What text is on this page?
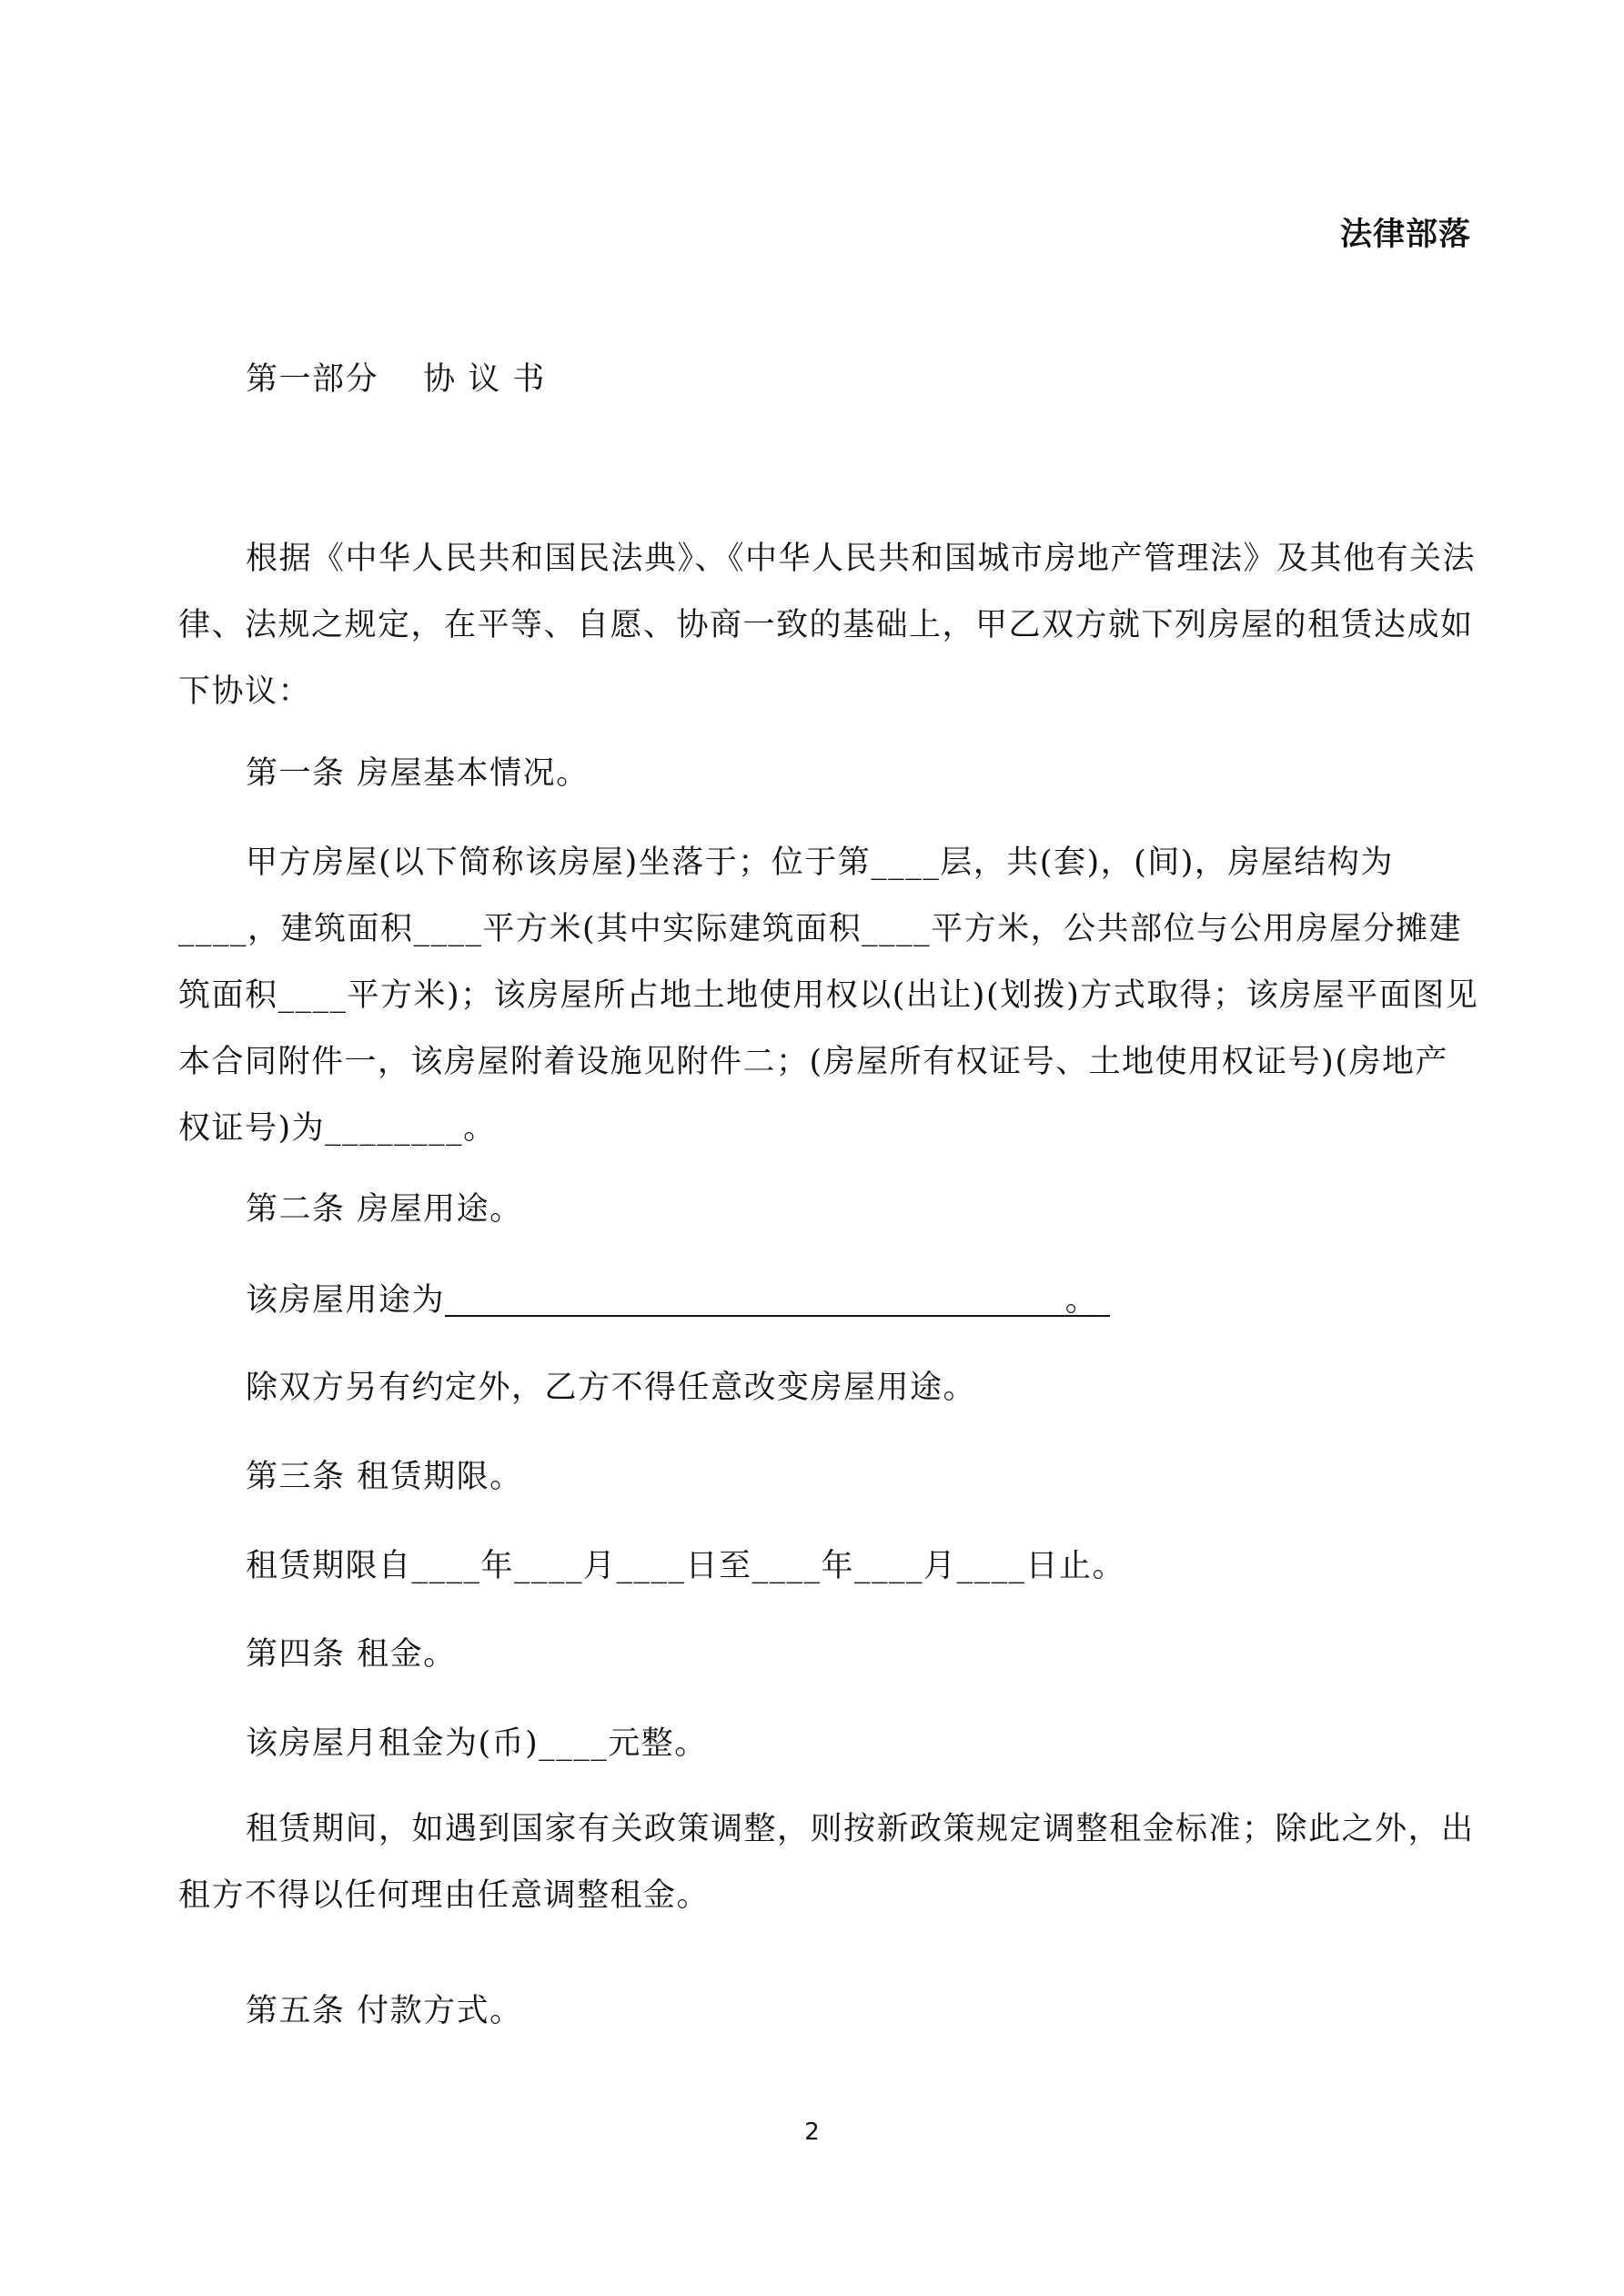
法律部落
第一部分　 协 议 书
根据《中华人民共和国民法典》、《中华人民共和国城市房地产管理法》及其他有关法律、法规之规定，在平等、自愿、协商一致的基础上，甲乙双方就下列房屋的租赁达成如下协议：
第一条 房屋基本情况。
甲方房屋(以下简称该房屋)坐落于；位于第____层，共(套)，(间)，房屋结构为____，建筑面积____平方米(其中实际建筑面积____平方米，公共部位与公用房屋分摊建筑面积____平方米)；该房屋所占地土地使用权以(出让)(划拨)方式取得；该房屋平面图见本合同附件一，该房屋附着设施见附件二；(房屋所有权证号、土地使用权证号)(房地产权证号)为________。
第二条 房屋用途。
该房屋用途为	。
除双方另有约定外，乙方不得任意改变房屋用途。
第三条 租赁期限。
租赁期限自____年____月____日至____年____月____日止。
第四条 租金。
该房屋月租金为(币)____元整。
租赁期间，如遇到国家有关政策调整，则按新政策规定调整租金标准；除此之外，出租方不得以任何理由任意调整租金。
第五条 付款方式。
2
